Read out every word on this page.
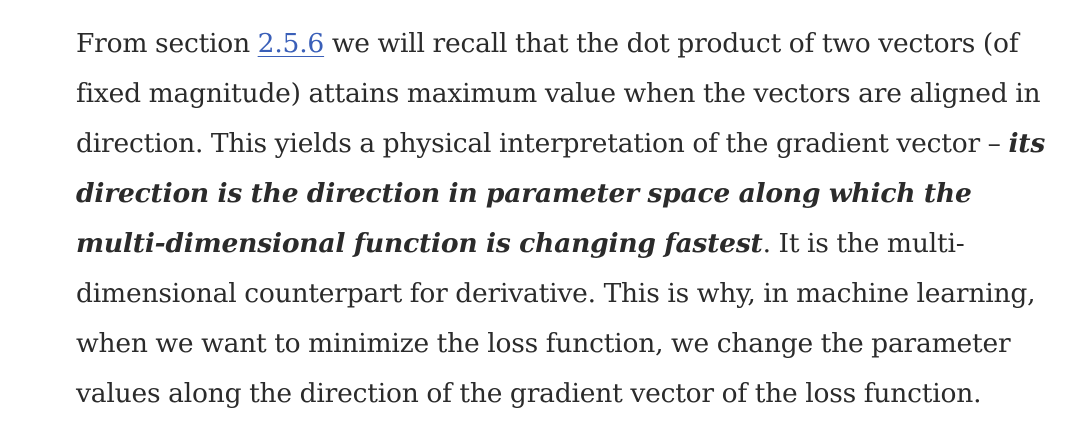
From section 2.5.6 we will recall that the dot product of two vectors (of fixed magnitude) attains maximum value when the vectors are aligned in direction. This yields a physical interpretation of the gradient vector – its direction is the direction in parameter space along which the multi-dimensional function is changing fastest. It is the multi-dimensional counterpart for derivative. This is why, in machine learning, when we want to minimize the loss function, we change the parameter values along the direction of the gradient vector of the loss function.
